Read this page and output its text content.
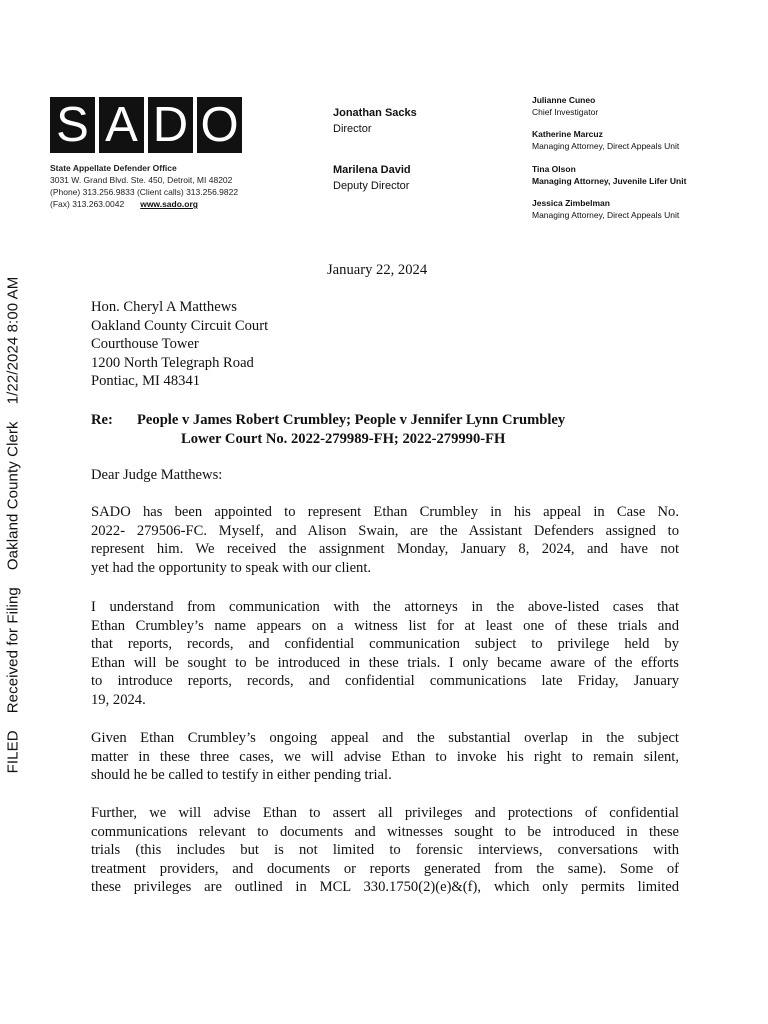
FILED    Received for Filing    Oakland County Clerk    1/22/2024 8:00 AM
S A D O
State Appellate Defender Office
3031 W. Grand Blvd. Ste. 450, Detroit, MI 48202
(Phone) 313.256.9833 (Client calls) 313.256.9822
(Fax) 313.263.0042 www.sado.org
Jonathan Sacks
Director
Marilena David
Deputy Director
Julianne Cuneo
Chief Investigator
Katherine Marcuz
Managing Attorney, Direct Appeals Unit
Tina Olson
Managing Attorney, Juvenile Lifer Unit
Jessica Zimbelman
Managing Attorney, Direct Appeals Unit
January 22, 2024
Hon. Cheryl A Matthews
Oakland County Circuit Court
Courthouse Tower
1200 North Telegraph Road
Pontiac, MI 48341
Re: People v James Robert Crumbley; People v Jennifer Lynn Crumbley
Lower Court No. 2022-279989-FH; 2022-279990-FH
Dear Judge Matthews:
SADO has been appointed to represent Ethan Crumbley in his appeal in Case No.
2022- 279506-FC. Myself, and Alison Swain, are the Assistant Defenders assigned to
represent him. We received the assignment Monday, January 8, 2024, and have not
yet had the opportunity to speak with our client.
I understand from communication with the attorneys in the above-listed cases that
Ethan Crumbley’s name appears on a witness list for at least one of these trials and
that reports, records, and confidential communication subject to privilege held by
Ethan will be sought to be introduced in these trials. I only became aware of the efforts
to introduce reports, records, and confidential communications late Friday, January
19, 2024.
Given Ethan Crumbley’s ongoing appeal and the substantial overlap in the subject
matter in these three cases, we will advise Ethan to invoke his right to remain silent,
should he be called to testify in either pending trial.
Further, we will advise Ethan to assert all privileges and protections of confidential
communications relevant to documents and witnesses sought to be introduced in these
trials (this includes but is not limited to forensic interviews, conversations with
treatment providers, and documents or reports generated from the same). Some of
these privileges are outlined in MCL 330.1750(2)(e)&(f), which only permits limited
